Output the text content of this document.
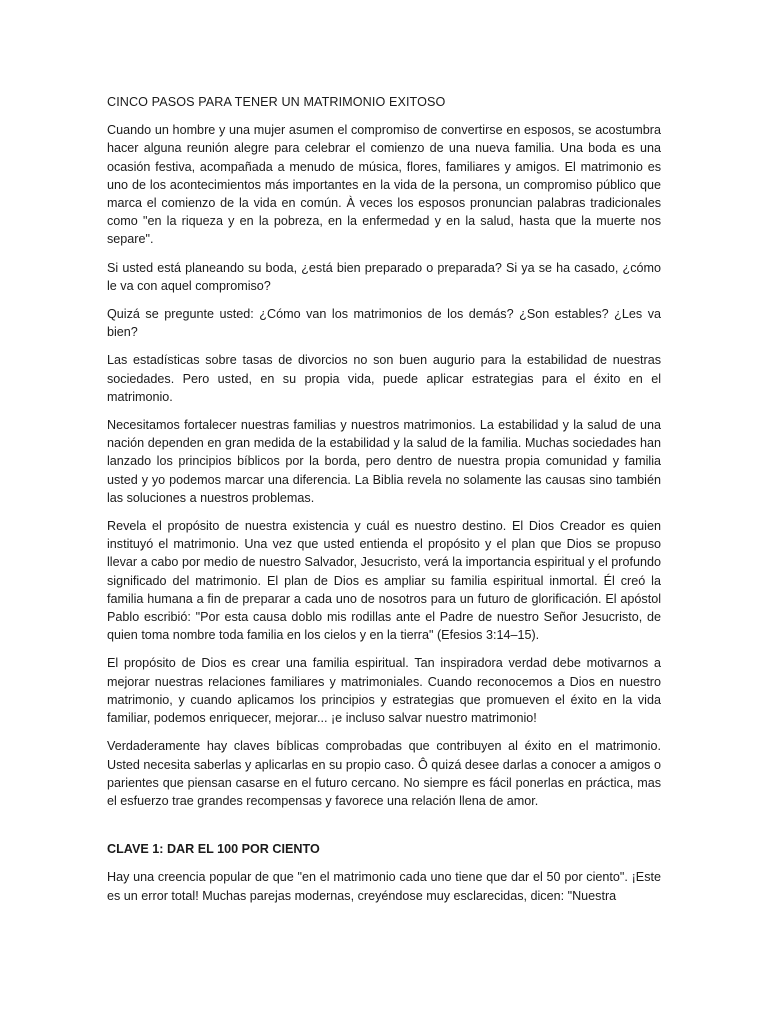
CINCO PASOS PARA TENER UN MATRIMONIO EXITOSO

Cuando un hombre y una mujer asumen el compromiso de convertirse en esposos, se acostumbra hacer alguna reunión alegre para celebrar el comienzo de una nueva familia. Una boda es una ocasión festiva, acompañada a menudo de música, flores, familiares y amigos. El matrimonio es uno de los acontecimientos más importantes en la vida de la persona, un compromiso público que marca el comienzo de la vida en común. À veces los esposos pronuncian palabras tradicionales como "en la riqueza y en la pobreza, en la enfermedad y en la salud, hasta que la muerte nos separe".

Si usted está planeando su boda, ¿está bien preparado o preparada? Si ya se ha casado, ¿cómo le va con aquel compromiso?

Quizá se pregunte usted: ¿Cómo van los matrimonios de los demás? ¿Son estables? ¿Les va bien?

Las estadísticas sobre tasas de divorcios no son buen augurio para la estabilidad de nuestras sociedades. Pero usted, en su propia vida, puede aplicar estrategias para el éxito en el matrimonio.

Necesitamos fortalecer nuestras familias y nuestros matrimonios. La estabilidad y la salud de una nación dependen en gran medida de la estabilidad y la salud de la familia. Muchas sociedades han lanzado los principios bíblicos por la borda, pero dentro de nuestra propia comunidad y familia usted y yo podemos marcar una diferencia. La Biblia revela no solamente las causas sino también las soluciones a nuestros problemas.

Revela el propósito de nuestra existencia y cuál es nuestro destino. El Dios Creador es quien instituyó el matrimonio. Una vez que usted entienda el propósito y el plan que Dios se propuso llevar a cabo por medio de nuestro Salvador, Jesucristo, verá la importancia espiritual y el profundo significado del matrimonio. El plan de Dios es ampliar su familia espiritual inmortal. Él creó la familia humana a fin de preparar a cada uno de nosotros para un futuro de glorificación. El apóstol Pablo escribió: "Por esta causa doblo mis rodillas ante el Padre de nuestro Señor Jesucristo, de quien toma nombre toda familia en los cielos y en la tierra" (Efesios 3:14–15).

El propósito de Dios es crear una familia espiritual. Tan inspiradora verdad debe motivarnos a mejorar nuestras relaciones familiares y matrimoniales. Cuando reconocemos a Dios en nuestro matrimonio, y cuando aplicamos los principios y estrategias que promueven el éxito en la vida familiar, podemos enriquecer, mejorar... ¡e incluso salvar nuestro matrimonio!

Verdaderamente hay claves bíblicas comprobadas que contribuyen al éxito en el matrimonio. Usted necesita saberlas y aplicarlas en su propio caso. Ô quizá desee darlas a conocer a amigos o parientes que piensan casarse en el futuro cercano. No siempre es fácil ponerlas en práctica, mas el esfuerzo trae grandes recompensas y favorece una relación llena de amor.

CLAVE 1: DAR EL 100 POR CIENTO

Hay una creencia popular de que "en el matrimonio cada uno tiene que dar el 50 por ciento". ¡Este es un error total! Muchas parejas modernas, creyéndose muy esclarecidas, dicen: "Nuestra
